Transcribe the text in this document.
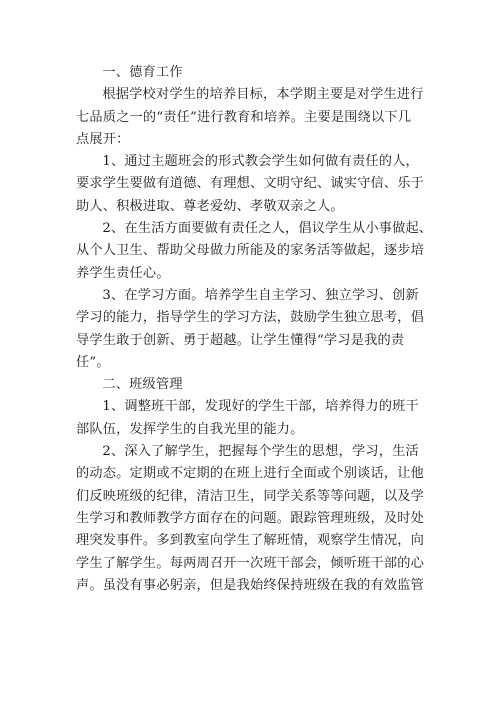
一、德育工作

根据学校对学生的培养目标，本学期主要是对学生进行
七品质之一的“责任”进行教育和培养。主要是围绕以下几
点展开：

1、通过主题班会的形式教会学生如何做有责任的人，
要求学生要做有道德、有理想、文明守纪、诚实守信、乐于
助人、积极进取、尊老爱幼、孝敬双亲之人。

2、在生活方面要做有责任之人，倡议学生从小事做起、
从个人卫生、帮助父母做力所能及的家务活等做起，逐步培
养学生责任心。

3、在学习方面。培养学生自主学习、独立学习、创新
学习的能力，指导学生的学习方法，鼓励学生独立思考，倡
导学生敢于创新、勇于超越。让学生懂得“学习是我的责
任”。

二、班级管理

1、调整班干部，发现好的学生干部，培养得力的班干
部队伍，发挥学生的自我光里的能力。

2、深入了解学生，把握每个学生的思想，学习，生活
的动态。定期或不定期的在班上进行全面或个别谈话，让他
们反映班级的纪律，清洁卫生，同学关系等等问题，以及学
生学习和教师教学方面存在的问题。跟踪管理班级，及时处
理突发事件。多到教室向学生了解班情，观察学生情况，向
学生了解学生。每两周召开一次班干部会，倾听班干部的心
声。虽没有事必躬亲，但是我始终保持班级在我的有效监管
